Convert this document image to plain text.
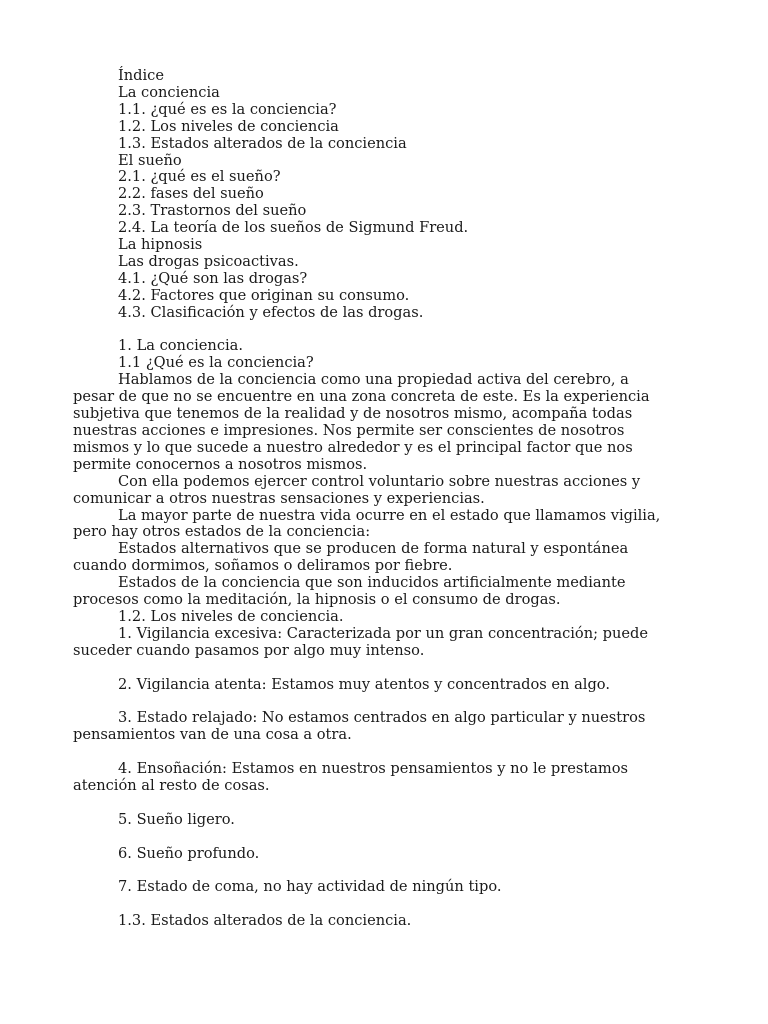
Índice
La conciencia
1.1. ¿qué es es la conciencia?
1.2. Los niveles de conciencia
1.3. Estados alterados de la conciencia
El sueño
2.1. ¿qué es el sueño?
2.2. fases del sueño
2.3. Trastornos del sueño
2.4. La teoría de los sueños de Sigmund Freud.
La hipnosis
Las drogas psicoactivas.
4.1. ¿Qué son las drogas?
4.2. Factores que originan su consumo.
4.3. Clasificación y efectos de las drogas.
1. La conciencia.
1.1 ¿Qué es la conciencia?
Hablamos de la conciencia como una propiedad activa del cerebro, a
pesar de que no se encuentre en una zona concreta de este. Es la experiencia
subjetiva que tenemos de la realidad y de nosotros mismo, acompaña todas
nuestras acciones e impresiones. Nos permite ser conscientes de nosotros
mismos y lo que sucede a nuestro alrededor y es el principal factor que nos
permite conocernos a nosotros mismos.
Con ella podemos ejercer control voluntario sobre nuestras acciones y
comunicar a otros nuestras sensaciones y experiencias.
La mayor parte de nuestra vida ocurre en el estado que llamamos vigilia,
pero hay otros estados de la conciencia:
Estados alternativos que se producen de forma natural y espontánea
cuando dormimos, soñamos o deliramos por fiebre.
Estados de la conciencia que son inducidos artificialmente mediante
procesos como la meditación, la hipnosis o el consumo de drogas.
1.2. Los niveles de conciencia.
1. Vigilancia excesiva: Caracterizada por un gran concentración; puede
suceder cuando pasamos por algo muy intenso.
2. Vigilancia atenta: Estamos muy atentos y concentrados en algo.
3. Estado relajado: No estamos centrados en algo particular y nuestros
pensamientos van de una cosa a otra.
4. Ensoñación: Estamos en nuestros pensamientos y no le prestamos
atención al resto de cosas.
5. Sueño ligero.
6. Sueño profundo.
7. Estado de coma, no hay actividad de ningún tipo.
1.3. Estados alterados de la conciencia.
